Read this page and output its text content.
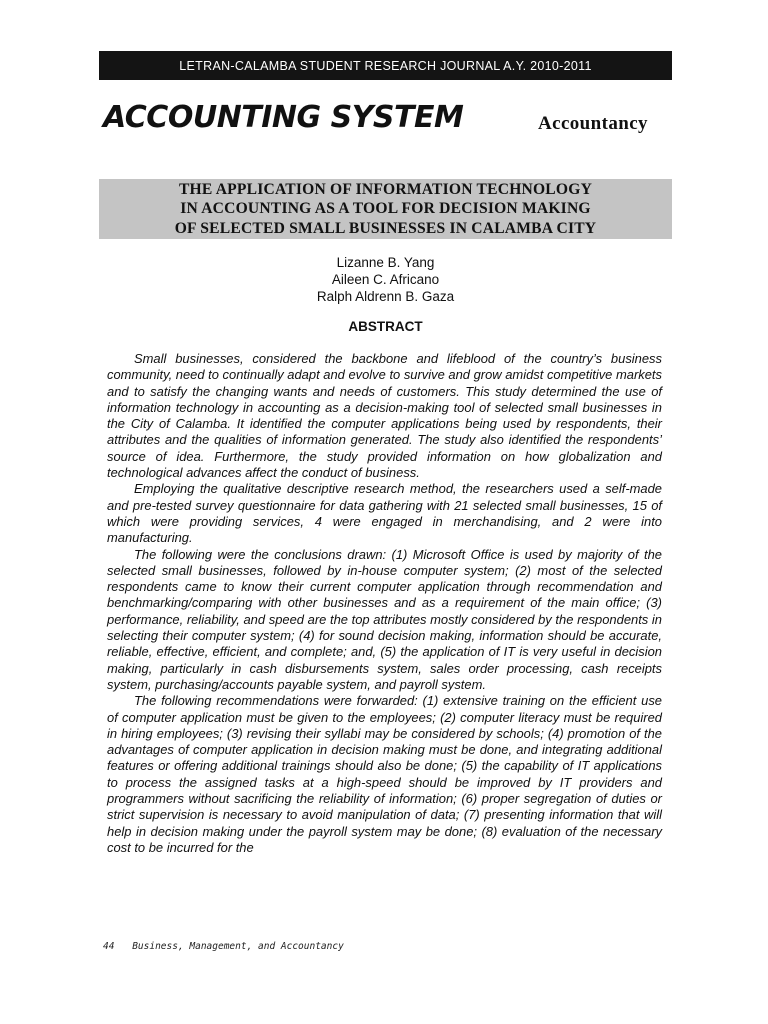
LETRAN-CALAMBA STUDENT RESEARCH JOURNAL A.Y. 2010-2011
ACCOUNTING SYSTEM	Accountancy
THE APPLICATION OF INFORMATION TECHNOLOGY
IN ACCOUNTING AS A TOOL FOR DECISION MAKING
OF SELECTED SMALL BUSINESSES IN CALAMBA CITY
Lizanne B. Yang
Aileen C. Africano
Ralph Aldrenn B. Gaza
ABSTRACT

Small businesses, considered the backbone and lifeblood of the country’s business community, need to continually adapt and evolve to survive and grow amidst competitive markets and to satisfy the changing wants and needs of customers. This study determined the use of information technology in accounting as a decision-making tool of selected small businesses in the City of Calamba. It identified the computer applications being used by respondents, their attributes and the qualities of information generated. The study also identified the respondents’ source of idea. Furthermore, the study provided information on how globalization and technological advances affect the conduct of business.

Employing the qualitative descriptive research method, the researchers used a self-made and pre-tested survey questionnaire for data gathering with 21 selected small businesses, 15 of which were providing services, 4 were engaged in merchandising, and 2 were into manufacturing.

The following were the conclusions drawn: (1) Microsoft Office is used by majority of the selected small businesses, followed by in-house computer system; (2) most of the selected respondents came to know their current computer application through recommendation and benchmarking/comparing with other businesses and as a requirement of the main office; (3) performance, reliability, and speed are the top attributes mostly considered by the respondents in selecting their computer system; (4) for sound decision making, information should be accurate, reliable, effective, efficient, and complete; and, (5) the application of IT is very useful in decision making, particularly in cash disbursements system, sales order processing, cash receipts system, purchasing/accounts payable system, and payroll system.

The following recommendations were forwarded: (1) extensive training on the efficient use of computer application must be given to the employees; (2) computer literacy must be required in hiring employees; (3) revising their syllabi may be considered by schools; (4) promotion of the advantages of computer application in decision making must be done, and integrating additional features or offering additional trainings should also be done; (5) the capability of IT applications to process the assigned tasks at a high-speed should be improved by IT providers and programmers without sacrificing the reliability of information; (6) proper segregation of duties or strict supervision is necessary to avoid manipulation of data; (7) presenting information that will help in decision making under the payroll system may be done; (8) evaluation of the necessary cost to be incurred for the

44 Business, Management, and Accountancy
